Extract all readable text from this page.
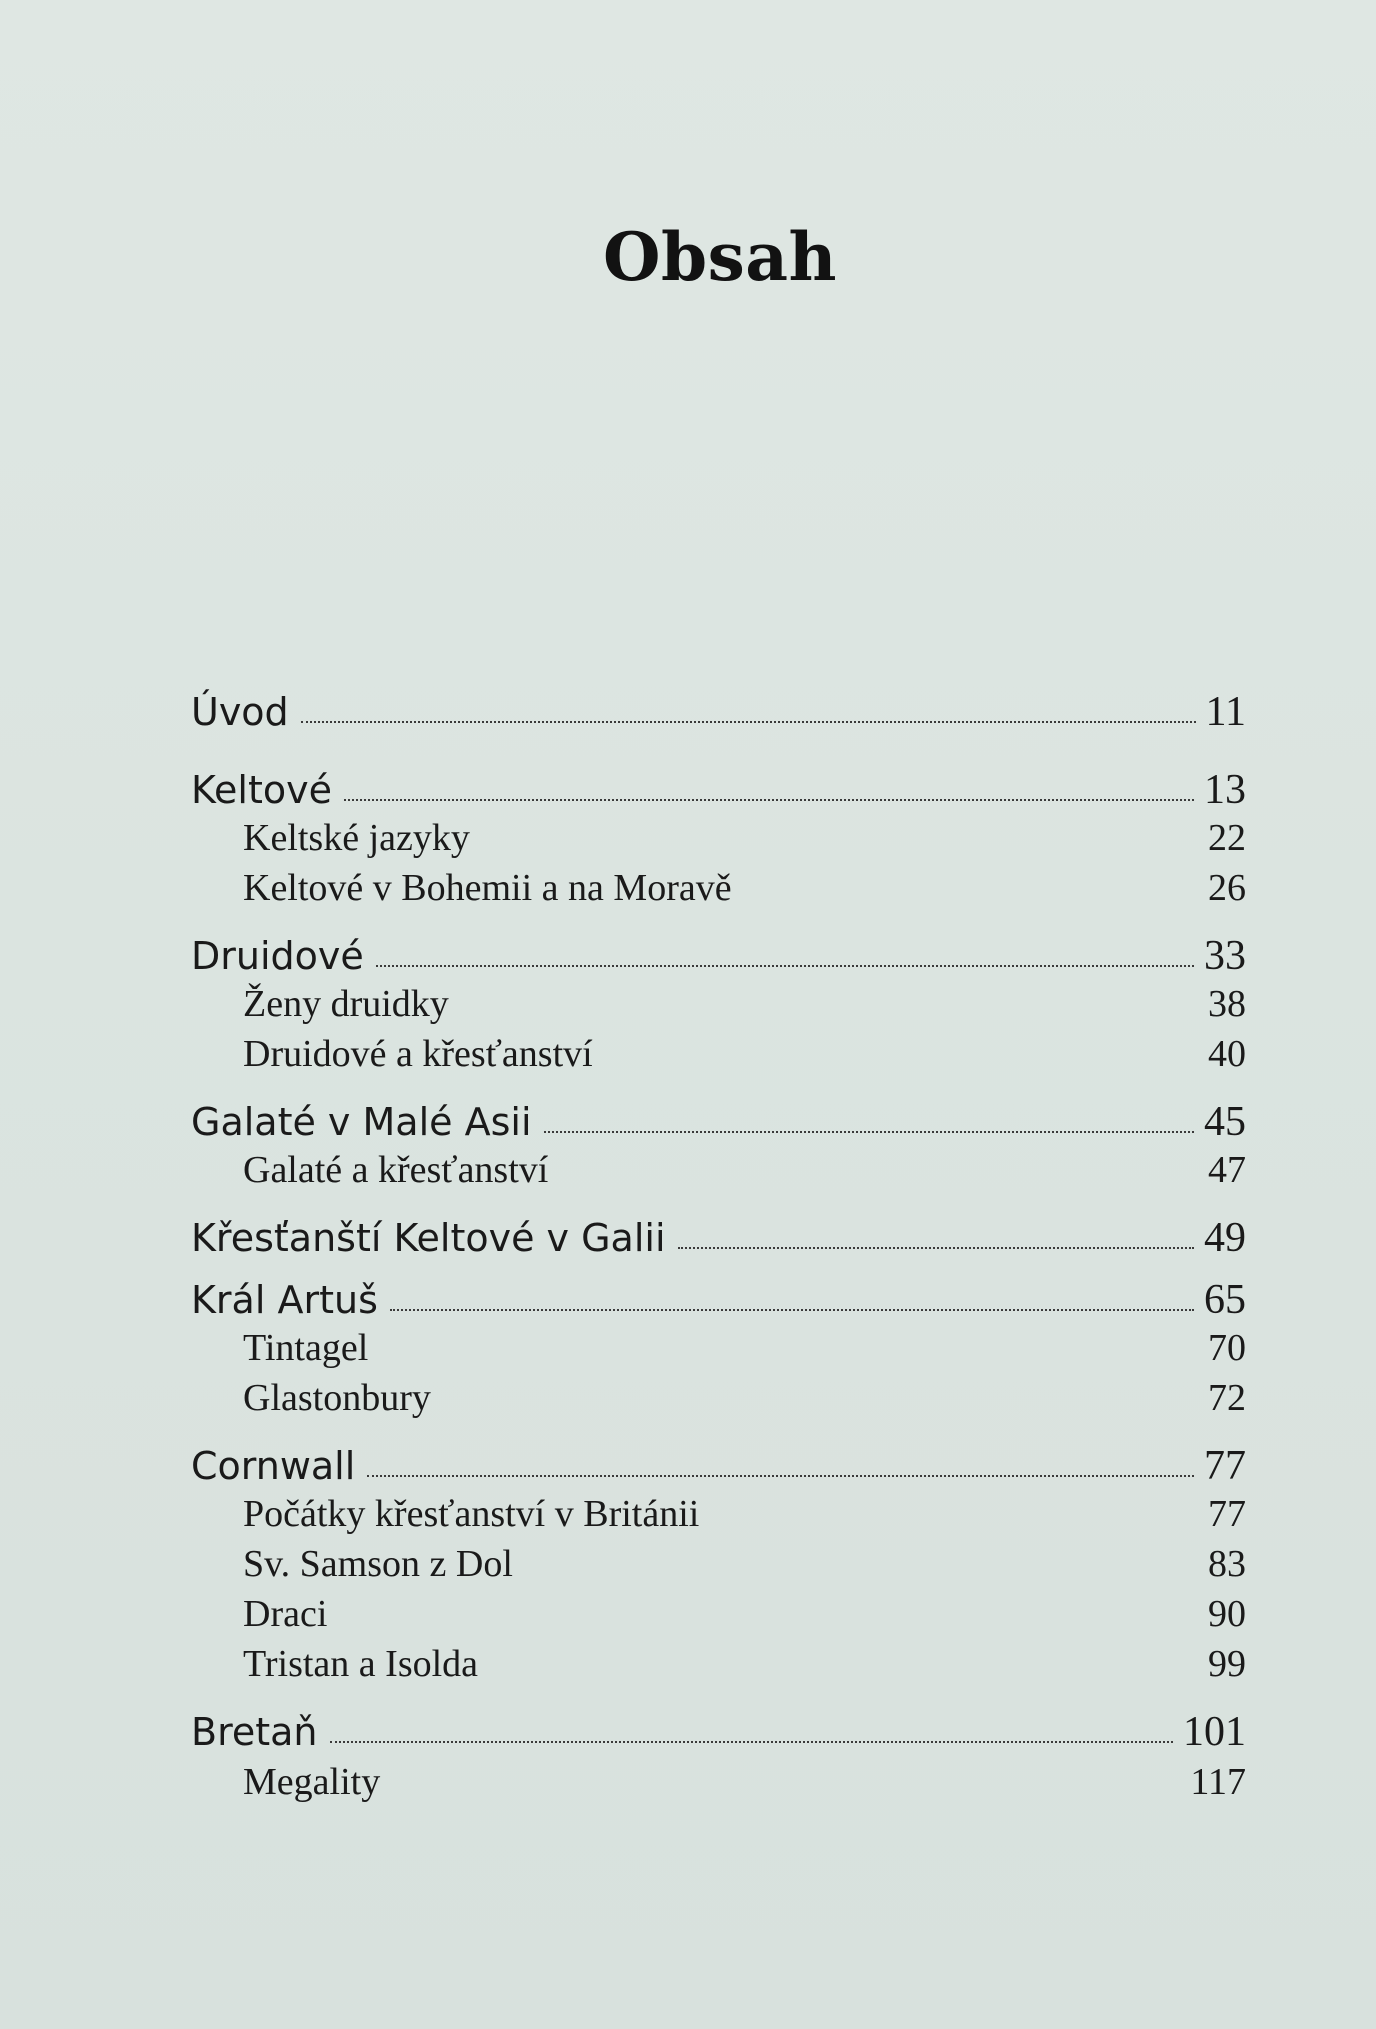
Obsah
Úvod	11
Keltové	13
Keltské jazyky	22
Keltové v Bohemii a na Moravě	26
Druidové	33
Ženy druidky	38
Druidové a křesťanství	40
Galaté v Malé Asii	45
Galaté a křesťanství	47
Křesťanští Keltové v Galii	49
Král Artuš	65
Tintagel	70
Glastonbury	72
Cornwall	77
Počátky křesťanství v Británii	77
Sv. Samson z Dol	83
Draci	90
Tristan a Isolda	99
Bretaň	101
Megality	117
